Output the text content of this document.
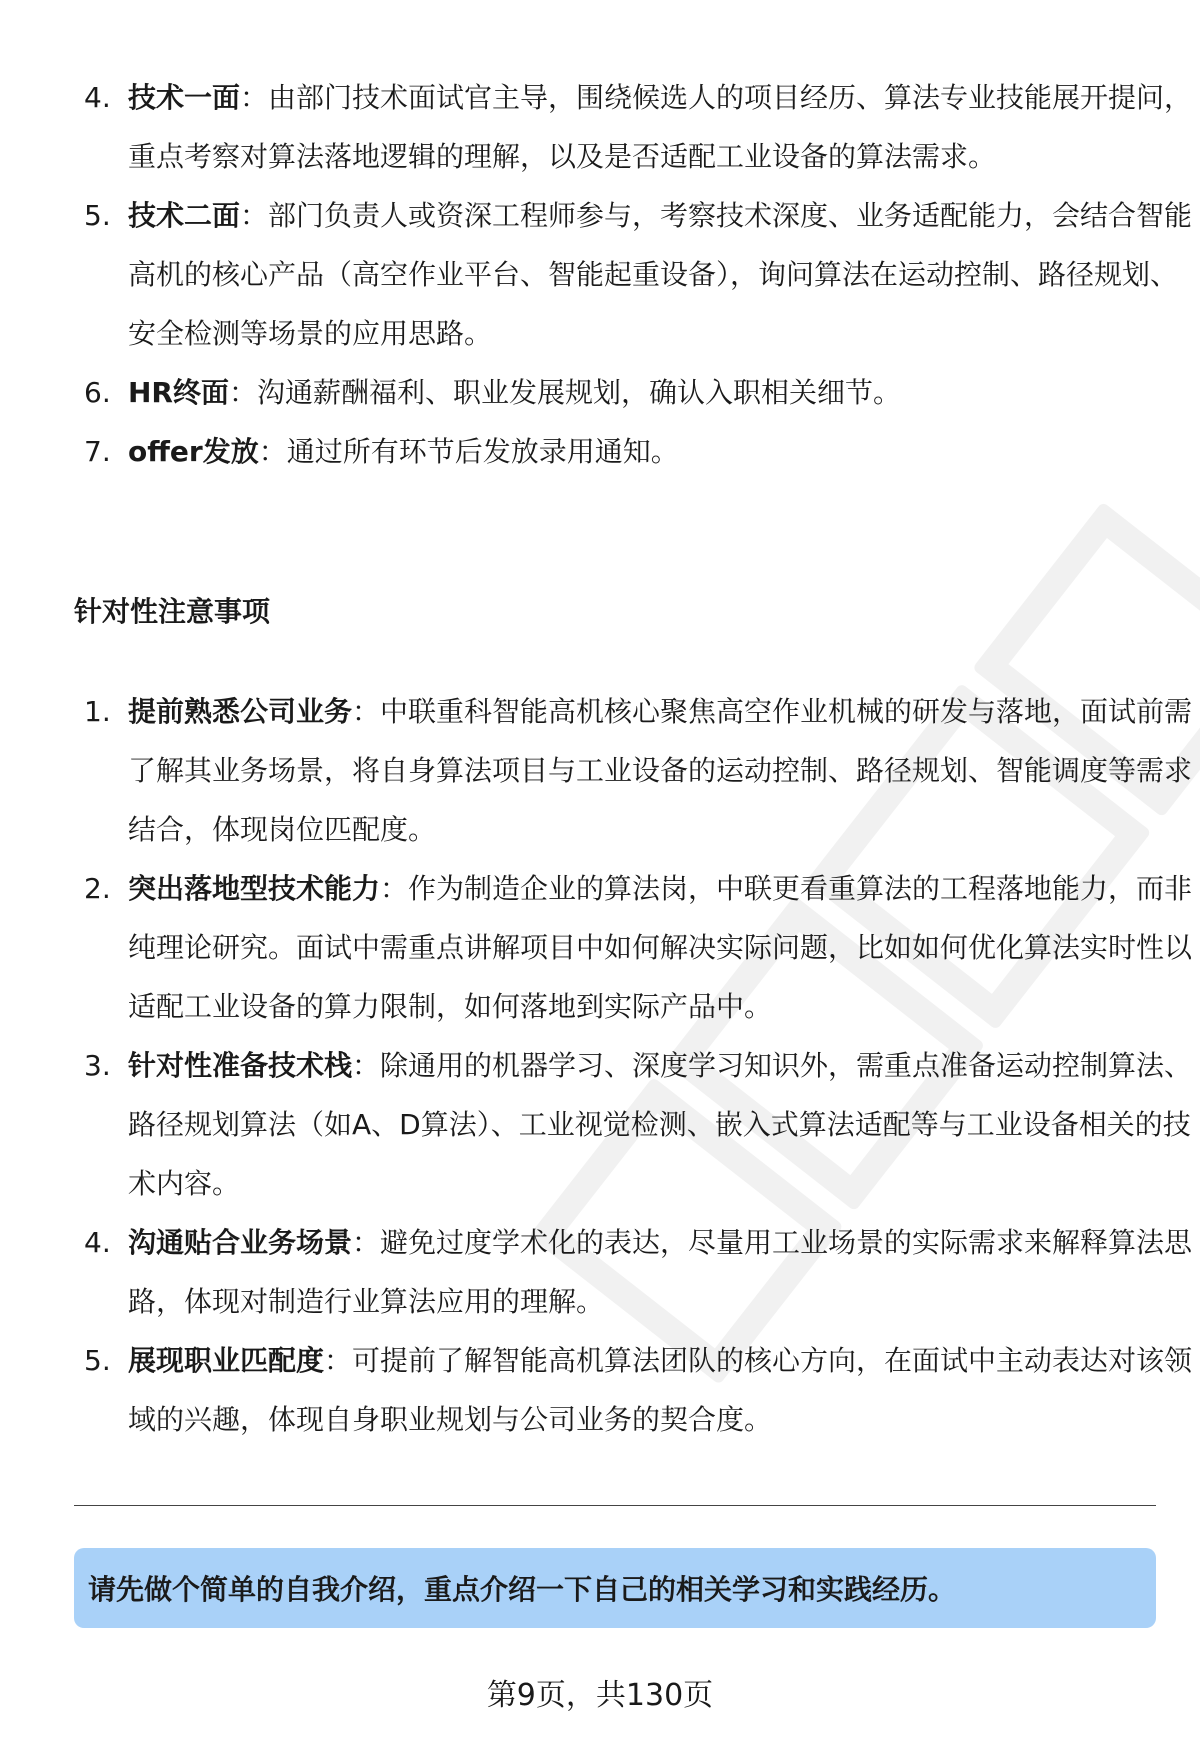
4. 技术一面：由部门技术面试官主导，围绕候选人的项目经历、算法专业技能展开提问，重点考察对算法落地逻辑的理解，以及是否适配工业设备的算法需求。
5. 技术二面：部门负责人或资深工程师参与，考察技术深度、业务适配能力，会结合智能高机的核心产品（高空作业平台、智能起重设备），询问算法在运动控制、路径规划、安全检测等场景的应用思路。
6. HR终面：沟通薪酬福利、职业发展规划，确认入职相关细节。
7. offer发放：通过所有环节后发放录用通知。
针对性注意事项
1. 提前熟悉公司业务：中联重科智能高机核心聚焦高空作业机械的研发与落地，面试前需了解其业务场景，将自身算法项目与工业设备的运动控制、路径规划、智能调度等需求结合，体现岗位匹配度。
2. 突出落地型技术能力：作为制造企业的算法岗，中联更看重算法的工程落地能力，而非纯理论研究。面试中需重点讲解项目中如何解决实际问题，比如如何优化算法实时性以适配工业设备的算力限制，如何落地到实际产品中。
3. 针对性准备技术栈：除通用的机器学习、深度学习知识外，需重点准备运动控制算法、路径规划算法（如A、D算法）、工业视觉检测、嵌入式算法适配等与工业设备相关的技术内容。
4. 沟通贴合业务场景：避免过度学术化的表达，尽量用工业场景的实际需求来解释算法思路，体现对制造行业算法应用的理解。
5. 展现职业匹配度：可提前了解智能高机算法团队的核心方向，在面试中主动表达对该领域的兴趣，体现自身职业规划与公司业务的契合度。
请先做个简单的自我介绍，重点介绍一下自己的相关学习和实践经历。
第9页，共130页
